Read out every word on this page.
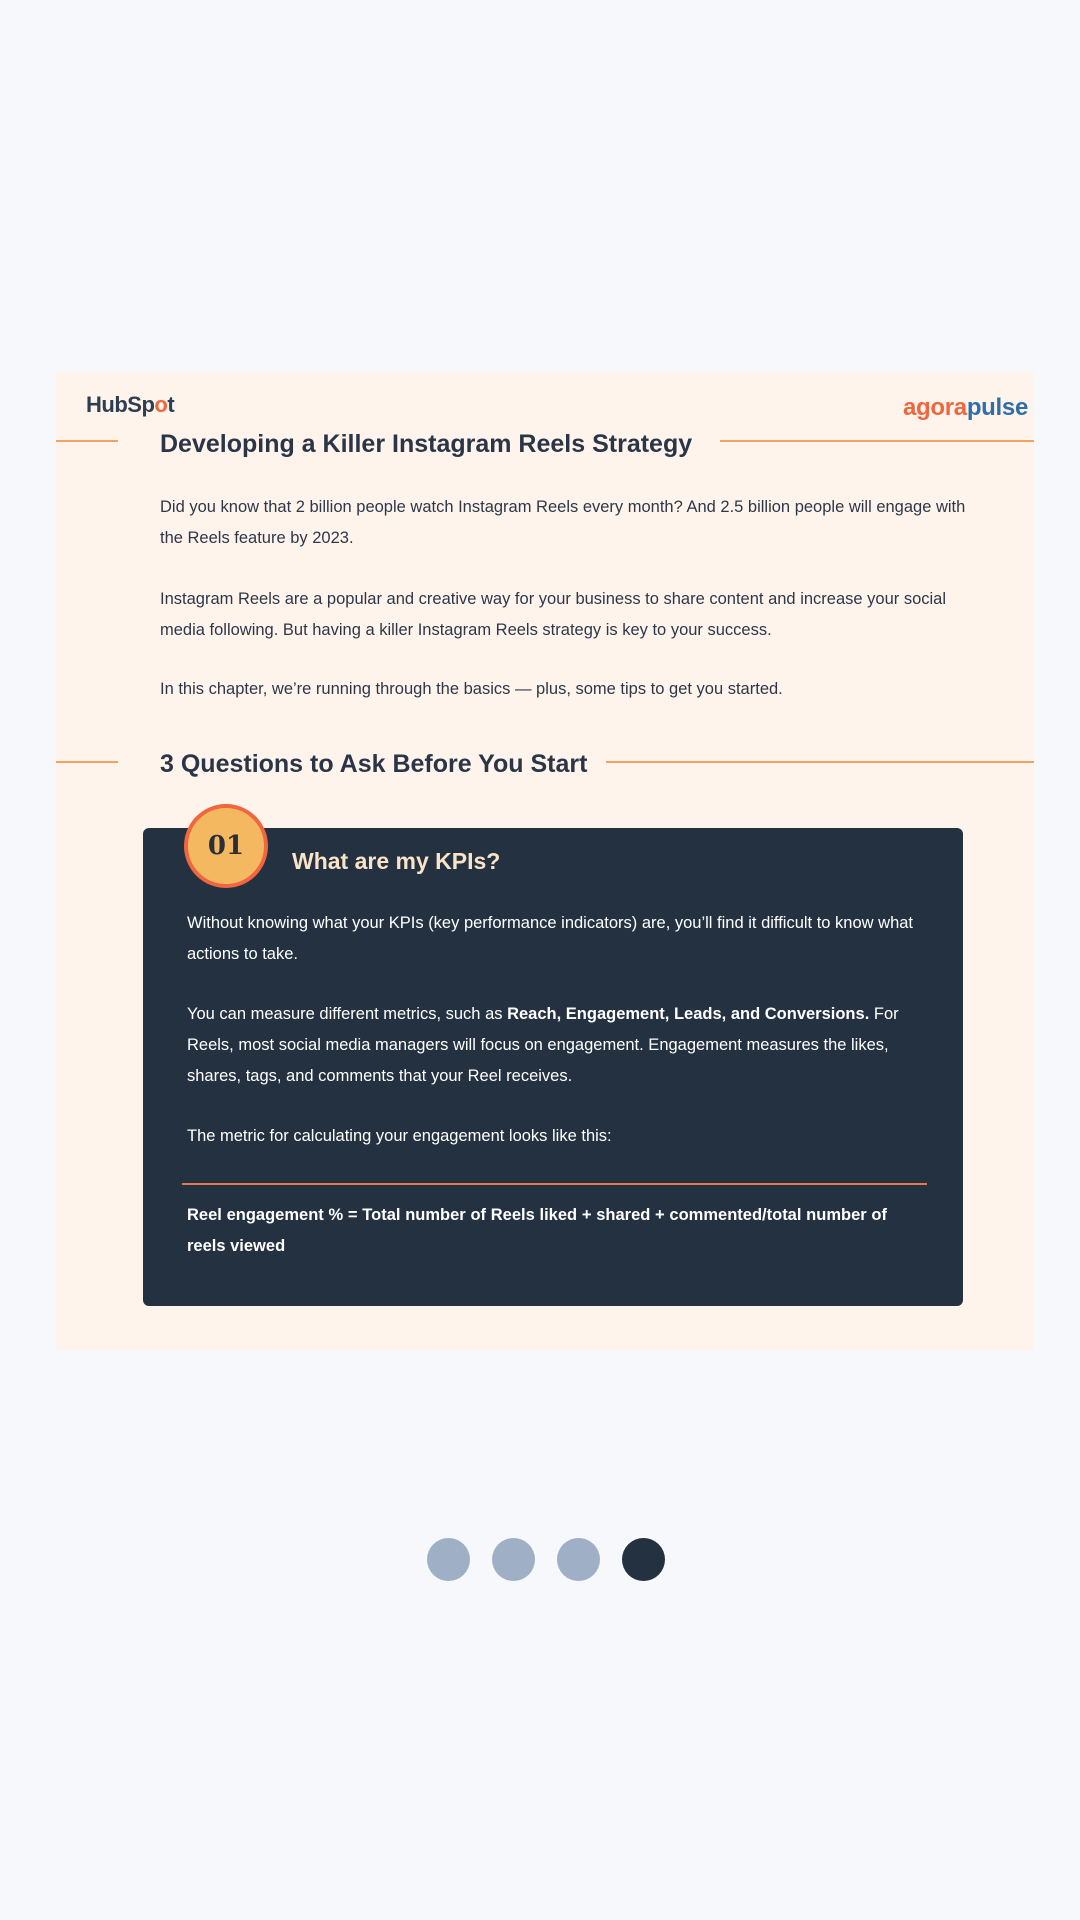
HubSpot	agorapulse
Developing a Killer Instagram Reels Strategy
Did you know that 2 billion people watch Instagram Reels every month? And 2.5 billion people will engage with the Reels feature by 2023.
Instagram Reels are a popular and creative way for your business to share content and increase your social media following. But having a killer Instagram Reels strategy is key to your success.
In this chapter, we’re running through the basics — plus, some tips to get you started.
3 Questions to Ask Before You Start
What are my KPIs?
Without knowing what your KPIs (key performance indicators) are, you’ll find it difficult to know what actions to take.
You can measure different metrics, such as Reach, Engagement, Leads, and Conversions. For Reels, most social media managers will focus on engagement. Engagement measures the likes, shares, tags, and comments that your Reel receives.
The metric for calculating your engagement looks like this:
Reel engagement % = Total number of Reels liked + shared + commented/total number of reels viewed
01
